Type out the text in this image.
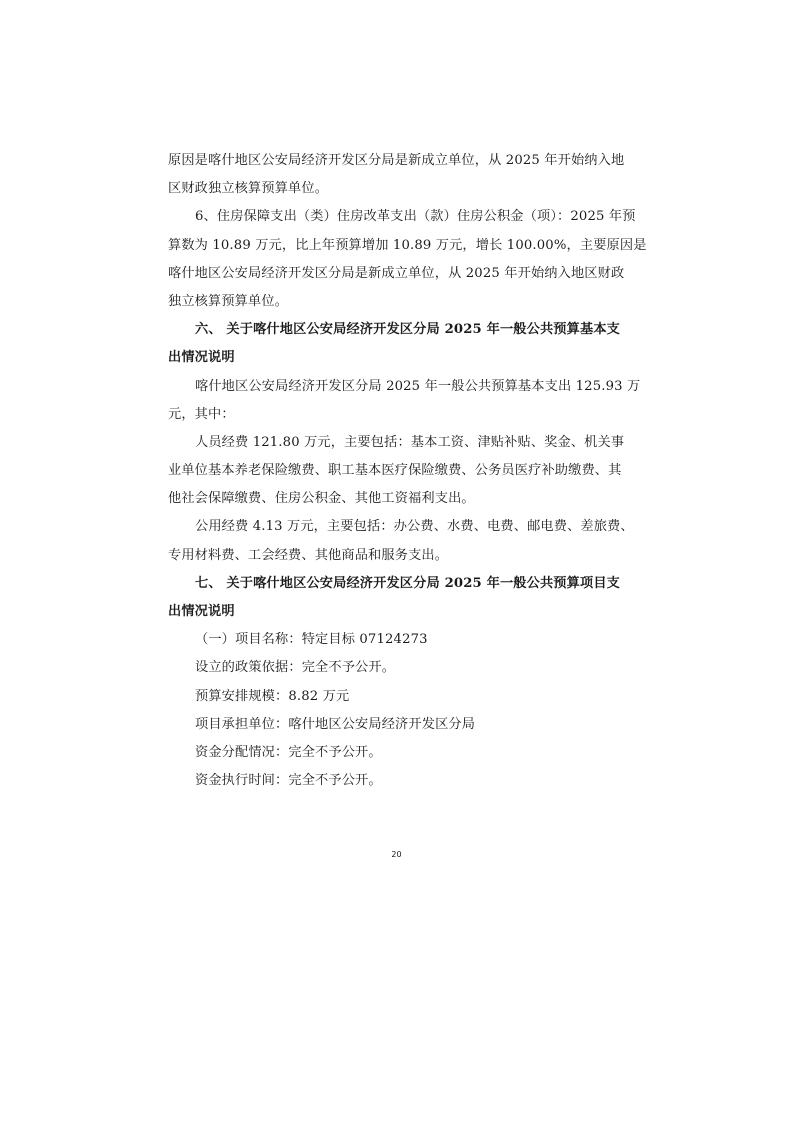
原因是喀什地区公安局经济开发区分局是新成立单位，从 2025 年开始纳入地
区财政独立核算预算单位。
6、住房保障支出（类）住房改革支出（款）住房公积金（项）：2025 年预
算数为 10.89 万元，比上年预算增加 10.89 万元，增长 100.00%，主要原因是
喀什地区公安局经济开发区分局是新成立单位，从 2025 年开始纳入地区财政
独立核算预算单位。
六、 关于喀什地区公安局经济开发区分局 2025 年一般公共预算基本支
出情况说明
喀什地区公安局经济开发区分局 2025 年一般公共预算基本支出 125.93 万
元，其中：
人员经费 121.80 万元，主要包括：基本工资、津贴补贴、奖金、机关事
业单位基本养老保险缴费、职工基本医疗保险缴费、公务员医疗补助缴费、其
他社会保障缴费、住房公积金、其他工资福利支出。
公用经费 4.13 万元，主要包括：办公费、水费、电费、邮电费、差旅费、
专用材料费、工会经费、其他商品和服务支出。
七、 关于喀什地区公安局经济开发区分局 2025 年一般公共预算项目支
出情况说明
（一）项目名称：特定目标 07124273
设立的政策依据：完全不予公开。
预算安排规模：8.82 万元
项目承担单位：喀什地区公安局经济开发区分局
资金分配情况：完全不予公开。
资金执行时间：完全不予公开。
20
